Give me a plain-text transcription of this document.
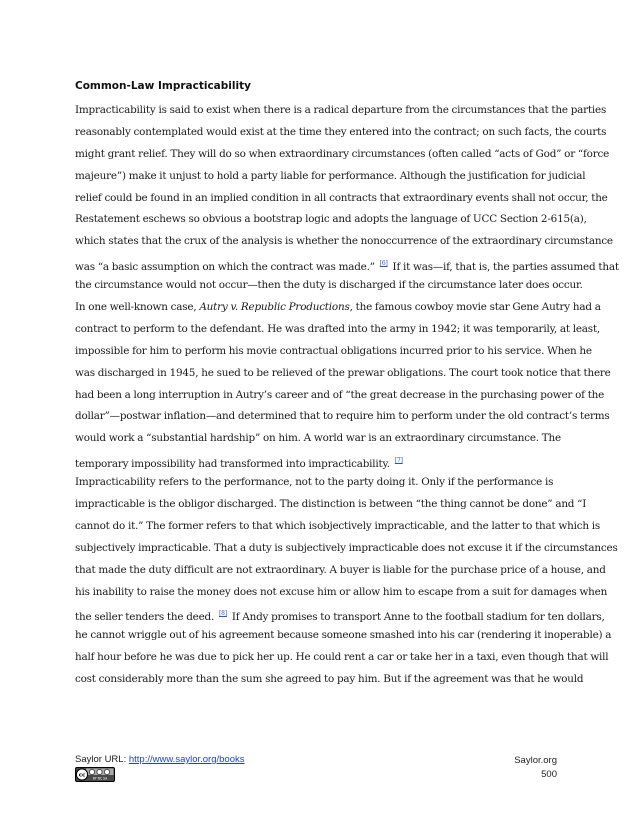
Common-Law Impracticability
Impracticability is said to exist when there is a radical departure from the circumstances that the parties
reasonably contemplated would exist at the time they entered into the contract; on such facts, the courts
might grant relief. They will do so when extraordinary circumstances (often called “acts of God” or “force
majeure”) make it unjust to hold a party liable for performance. Although the justification for judicial
relief could be found in an implied condition in all contracts that extraordinary events shall not occur, the
Restatement eschews so obvious a bootstrap logic and adopts the language of UCC Section 2-615(a),
which states that the crux of the analysis is whether the nonoccurrence of the extraordinary circumstance
was “a basic assumption on which the contract was made.” [6] If it was—if, that is, the parties assumed that
the circumstance would not occur—then the duty is discharged if the circumstance later does occur.
In one well-known case, Autry v. Republic Productions, the famous cowboy movie star Gene Autry had a
contract to perform to the defendant. He was drafted into the army in 1942; it was temporarily, at least,
impossible for him to perform his movie contractual obligations incurred prior to his service. When he
was discharged in 1945, he sued to be relieved of the prewar obligations. The court took notice that there
had been a long interruption in Autry’s career and of “the great decrease in the purchasing power of the
dollar”—postwar inflation—and determined that to require him to perform under the old contract’s terms
would work a “substantial hardship” on him. A world war is an extraordinary circumstance. The
temporary impossibility had transformed into impracticability. [7]
Impracticability refers to the performance, not to the party doing it. Only if the performance is
impracticable is the obligor discharged. The distinction is between “the thing cannot be done” and “I
cannot do it.” The former refers to that which isobjectively impracticable, and the latter to that which is
subjectively impracticable. That a duty is subjectively impracticable does not excuse it if the circumstances
that made the duty difficult are not extraordinary. A buyer is liable for the purchase price of a house, and
his inability to raise the money does not excuse him or allow him to escape from a suit for damages when
the seller tenders the deed. [8] If Andy promises to transport Anne to the football stadium for ten dollars,
he cannot wriggle out of his agreement because someone smashed into his car (rendering it inoperable) a
half hour before he was due to pick her up. He could rent a car or take her in a taxi, even though that will
cost considerably more than the sum she agreed to pay him. But if the agreement was that he would
Saylor URL: http://www.saylor.org/books	Saylor.org
500
cc
BY NC SA
